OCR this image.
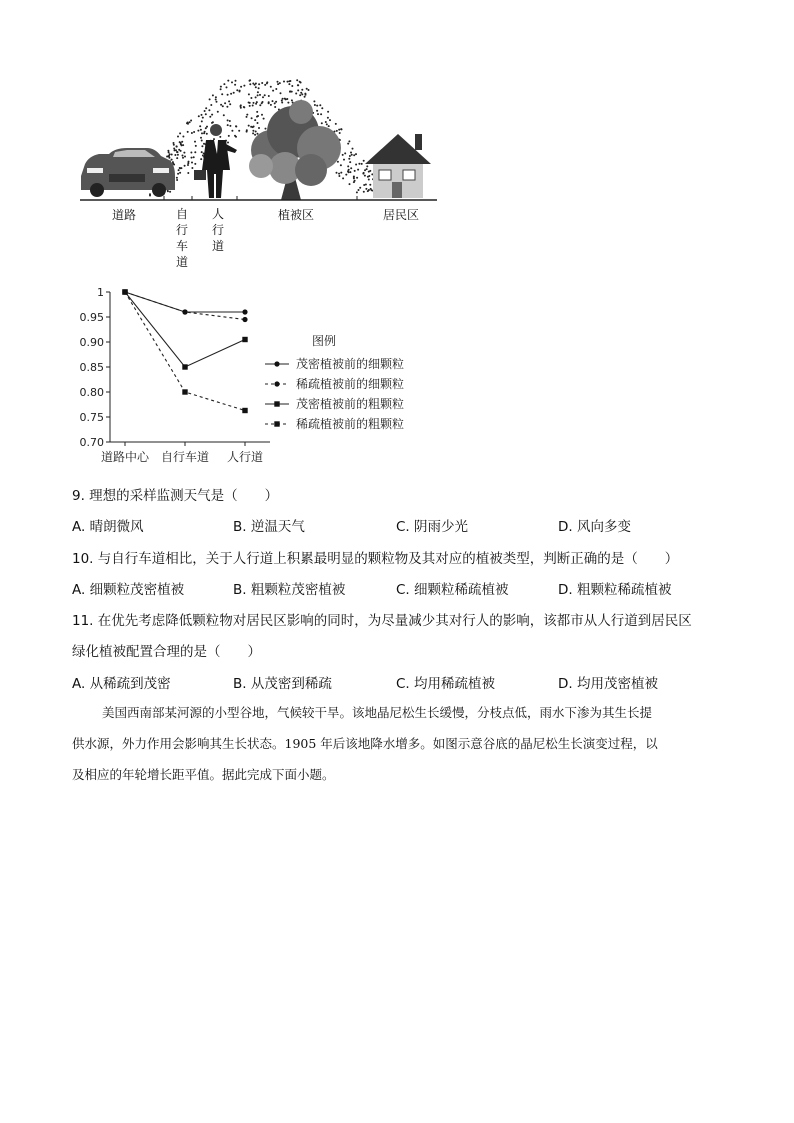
道路	自行车道
人行道
植被区	居民区
1
0.95
0.90
0.85
0.80
0.75
0.70
道路中心 自行车道 人行道
图例
茂密植被前的细颗粒
稀疏植被前的细颗粒
茂密植被前的粗颗粒
稀疏植被前的粗颗粒
9. 理想的采样监测天气是（　　）
A. 晴朗微风	B. 逆温天气	C. 阴雨少光	D. 风向多变
10. 与自行车道相比，关于人行道上积累最明显的颗粒物及其对应的植被类型，判断正确的是（　　）
A. 细颗粒茂密植被	B. 粗颗粒茂密植被	C. 细颗粒稀疏植被	D. 粗颗粒稀疏植被
11. 在优先考虑降低颗粒物对居民区影响的同时，为尽量减少其对行人的影响，该都市从人行道到居民区
绿化植被配置合理的是（　　）
A. 从稀疏到茂密	B. 从茂密到稀疏	C. 均用稀疏植被	D. 均用茂密植被
美国西南部某河源的小型谷地，气候较干旱。该地晶尼松生长缓慢，分枝点低，雨水下渗为其生长提
供水源，外力作用会影响其生长状态。1905 年后该地降水增多。如图示意谷底的晶尼松生长演变过程，以
及相应的年轮增长距平值。据此完成下面小题。
